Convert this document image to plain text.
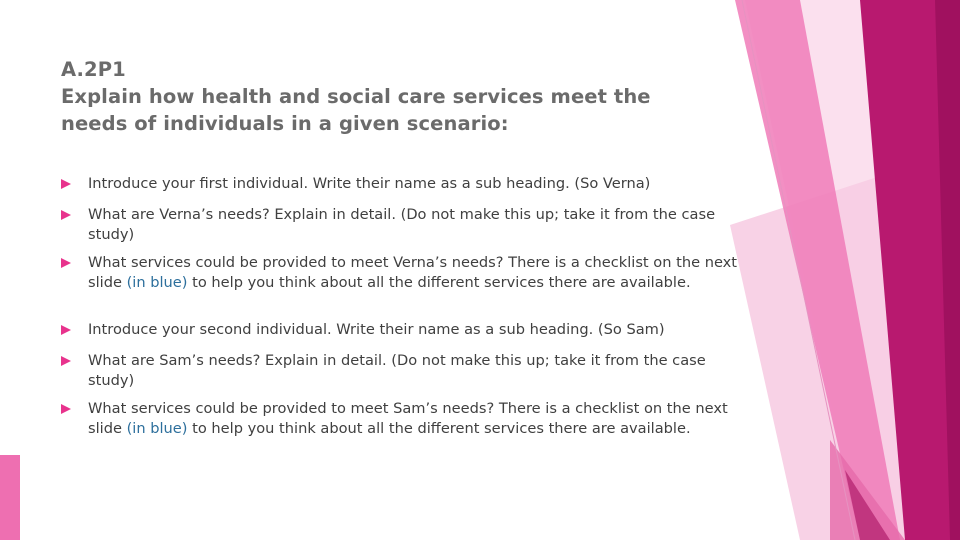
A.2P1
Explain how health and social care services meet the
needs of individuals in a given scenario:
Introduce your first individual. Write their name as a sub heading. (So Verna)
What are Verna’s needs? Explain in detail. (Do not make this up; take it from the case study)
What services could be provided to meet Verna’s needs? There is a checklist on the next slide (in blue) to help you think about all the different services there are available.
Introduce your second individual. Write their name as a sub heading. (So Sam)
What are Sam’s needs? Explain in detail. (Do not make this up; take it from the case study)
What services could be provided to meet Sam’s needs? There is a checklist on the next slide (in blue) to help you think about all the different services there are available.
